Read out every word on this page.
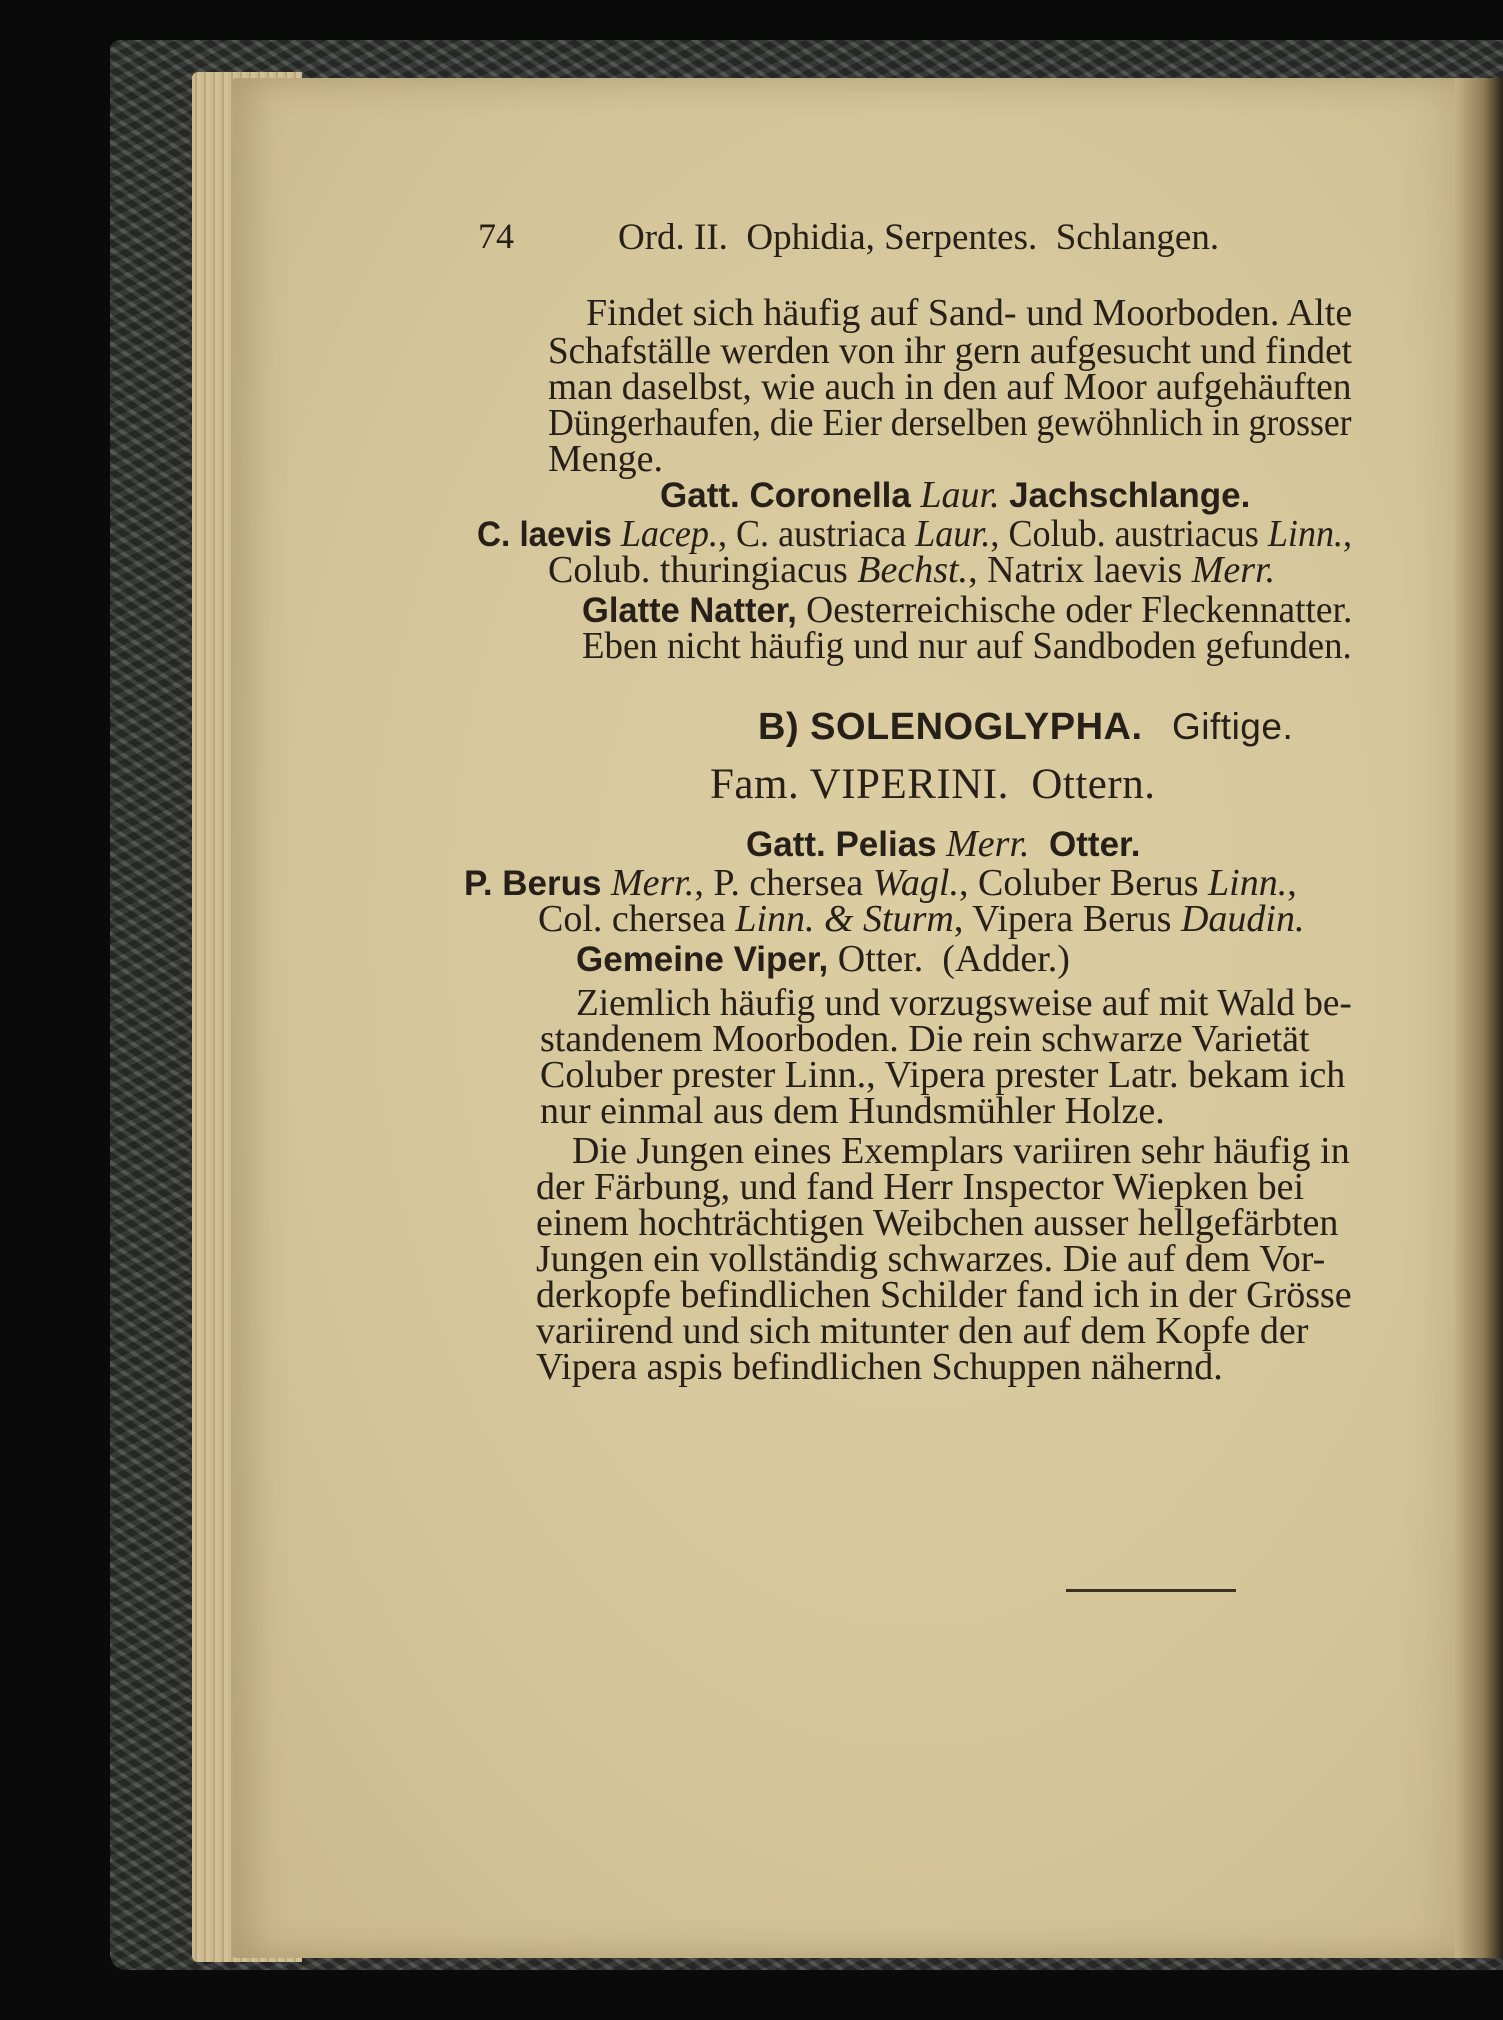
74	Ord. II.  Ophidia, Serpentes.  Schlangen.
Findet sich häufig auf Sand- und Moorboden. Alte
Schafställe werden von ihr gern aufgesucht und findet
man daselbst, wie auch in den auf Moor aufgehäuften
Düngerhaufen, die Eier derselben gewöhnlich in grosser
Menge.
Gatt. Coronella Laur. Jachschlange.
C. laevis Lacep., C. austriaca Laur., Colub. austriacus Linn.,
Colub. thuringiacus Bechst., Natrix laevis Merr.
Glatte Natter, Oesterreichische oder Fleckennatter.
Eben nicht häufig und nur auf Sandboden gefunden.
B) SOLENOGLYPHA. Giftige.
Fam. VIPERINI.  Ottern.
Gatt. Pelias Merr. Otter.
P. Berus Merr., P. chersea Wagl., Coluber Berus Linn.,
Col. chersea Linn. & Sturm, Vipera Berus Daudin.
Gemeine Viper, Otter.  (Adder.)
Ziemlich häufig und vorzugsweise auf mit Wald be-
standenem Moorboden. Die rein schwarze Varietät
Coluber prester Linn., Vipera prester Latr. bekam ich
nur einmal aus dem Hundsmühler Holze.
Die Jungen eines Exemplars variiren sehr häufig in
der Färbung, und fand Herr Inspector Wiepken bei
einem hochträchtigen Weibchen ausser hellgefärbten
Jungen ein vollständig schwarzes. Die auf dem Vor-
derkopfe befindlichen Schilder fand ich in der Grösse
variirend und sich mitunter den auf dem Kopfe der
Vipera aspis befindlichen Schuppen nähernd.
